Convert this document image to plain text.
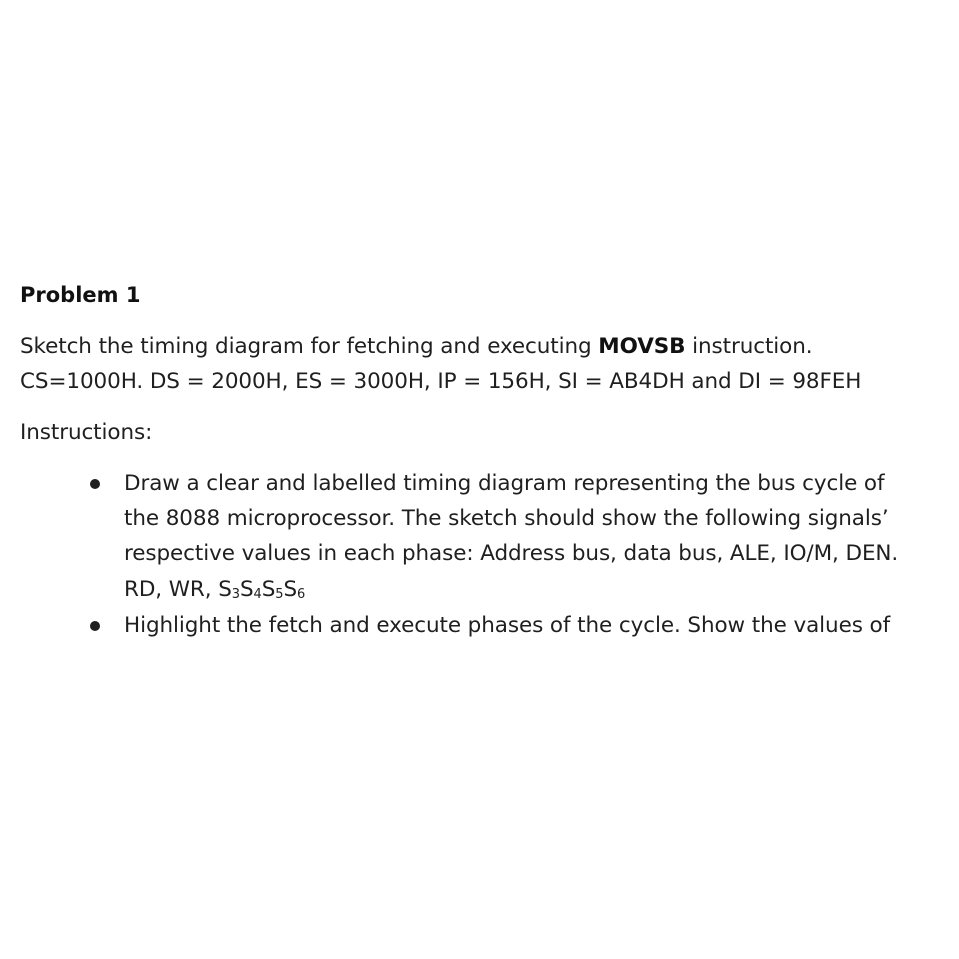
Problem 1
Sketch the timing diagram for fetching and executing MOVSB instruction.
CS=1000H. DS = 2000H, ES = 3000H, IP = 156H, SI = AB4DH and DI = 98FEH
Instructions:
Draw a clear and labelled timing diagram representing the bus cycle of
the 8088 microprocessor. The sketch should show the following signals’
respective values in each phase: Address bus, data bus, ALE, IO/M, DEN.
RD, WR, $S_3S_4S_5S_6$
Highlight the fetch and execute phases of the cycle. Show the values of
